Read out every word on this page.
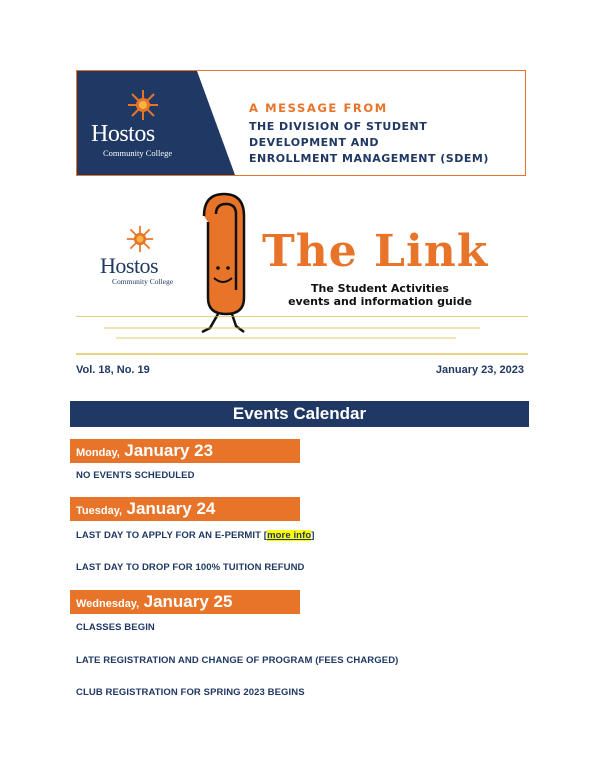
Hostos
Community College
A MESSAGE FROM
THE DIVISION OF STUDENT DEVELOPMENT AND
ENROLLMENT MANAGEMENT (SDEM)
Hostos
Community College
The Link
The Student Activities
events and information guide
Vol. 18, No. 19	January 23, 2023
Events Calendar
Monday, January 23
NO EVENTS SCHEDULED
Tuesday, January 24
LAST DAY TO APPLY FOR AN E-PERMIT [more info]
LAST DAY TO DROP FOR 100% TUITION REFUND
Wednesday, January 25
CLASSES BEGIN
LATE REGISTRATION AND CHANGE OF PROGRAM (FEES CHARGED)
CLUB REGISTRATION FOR SPRING 2023 BEGINS
